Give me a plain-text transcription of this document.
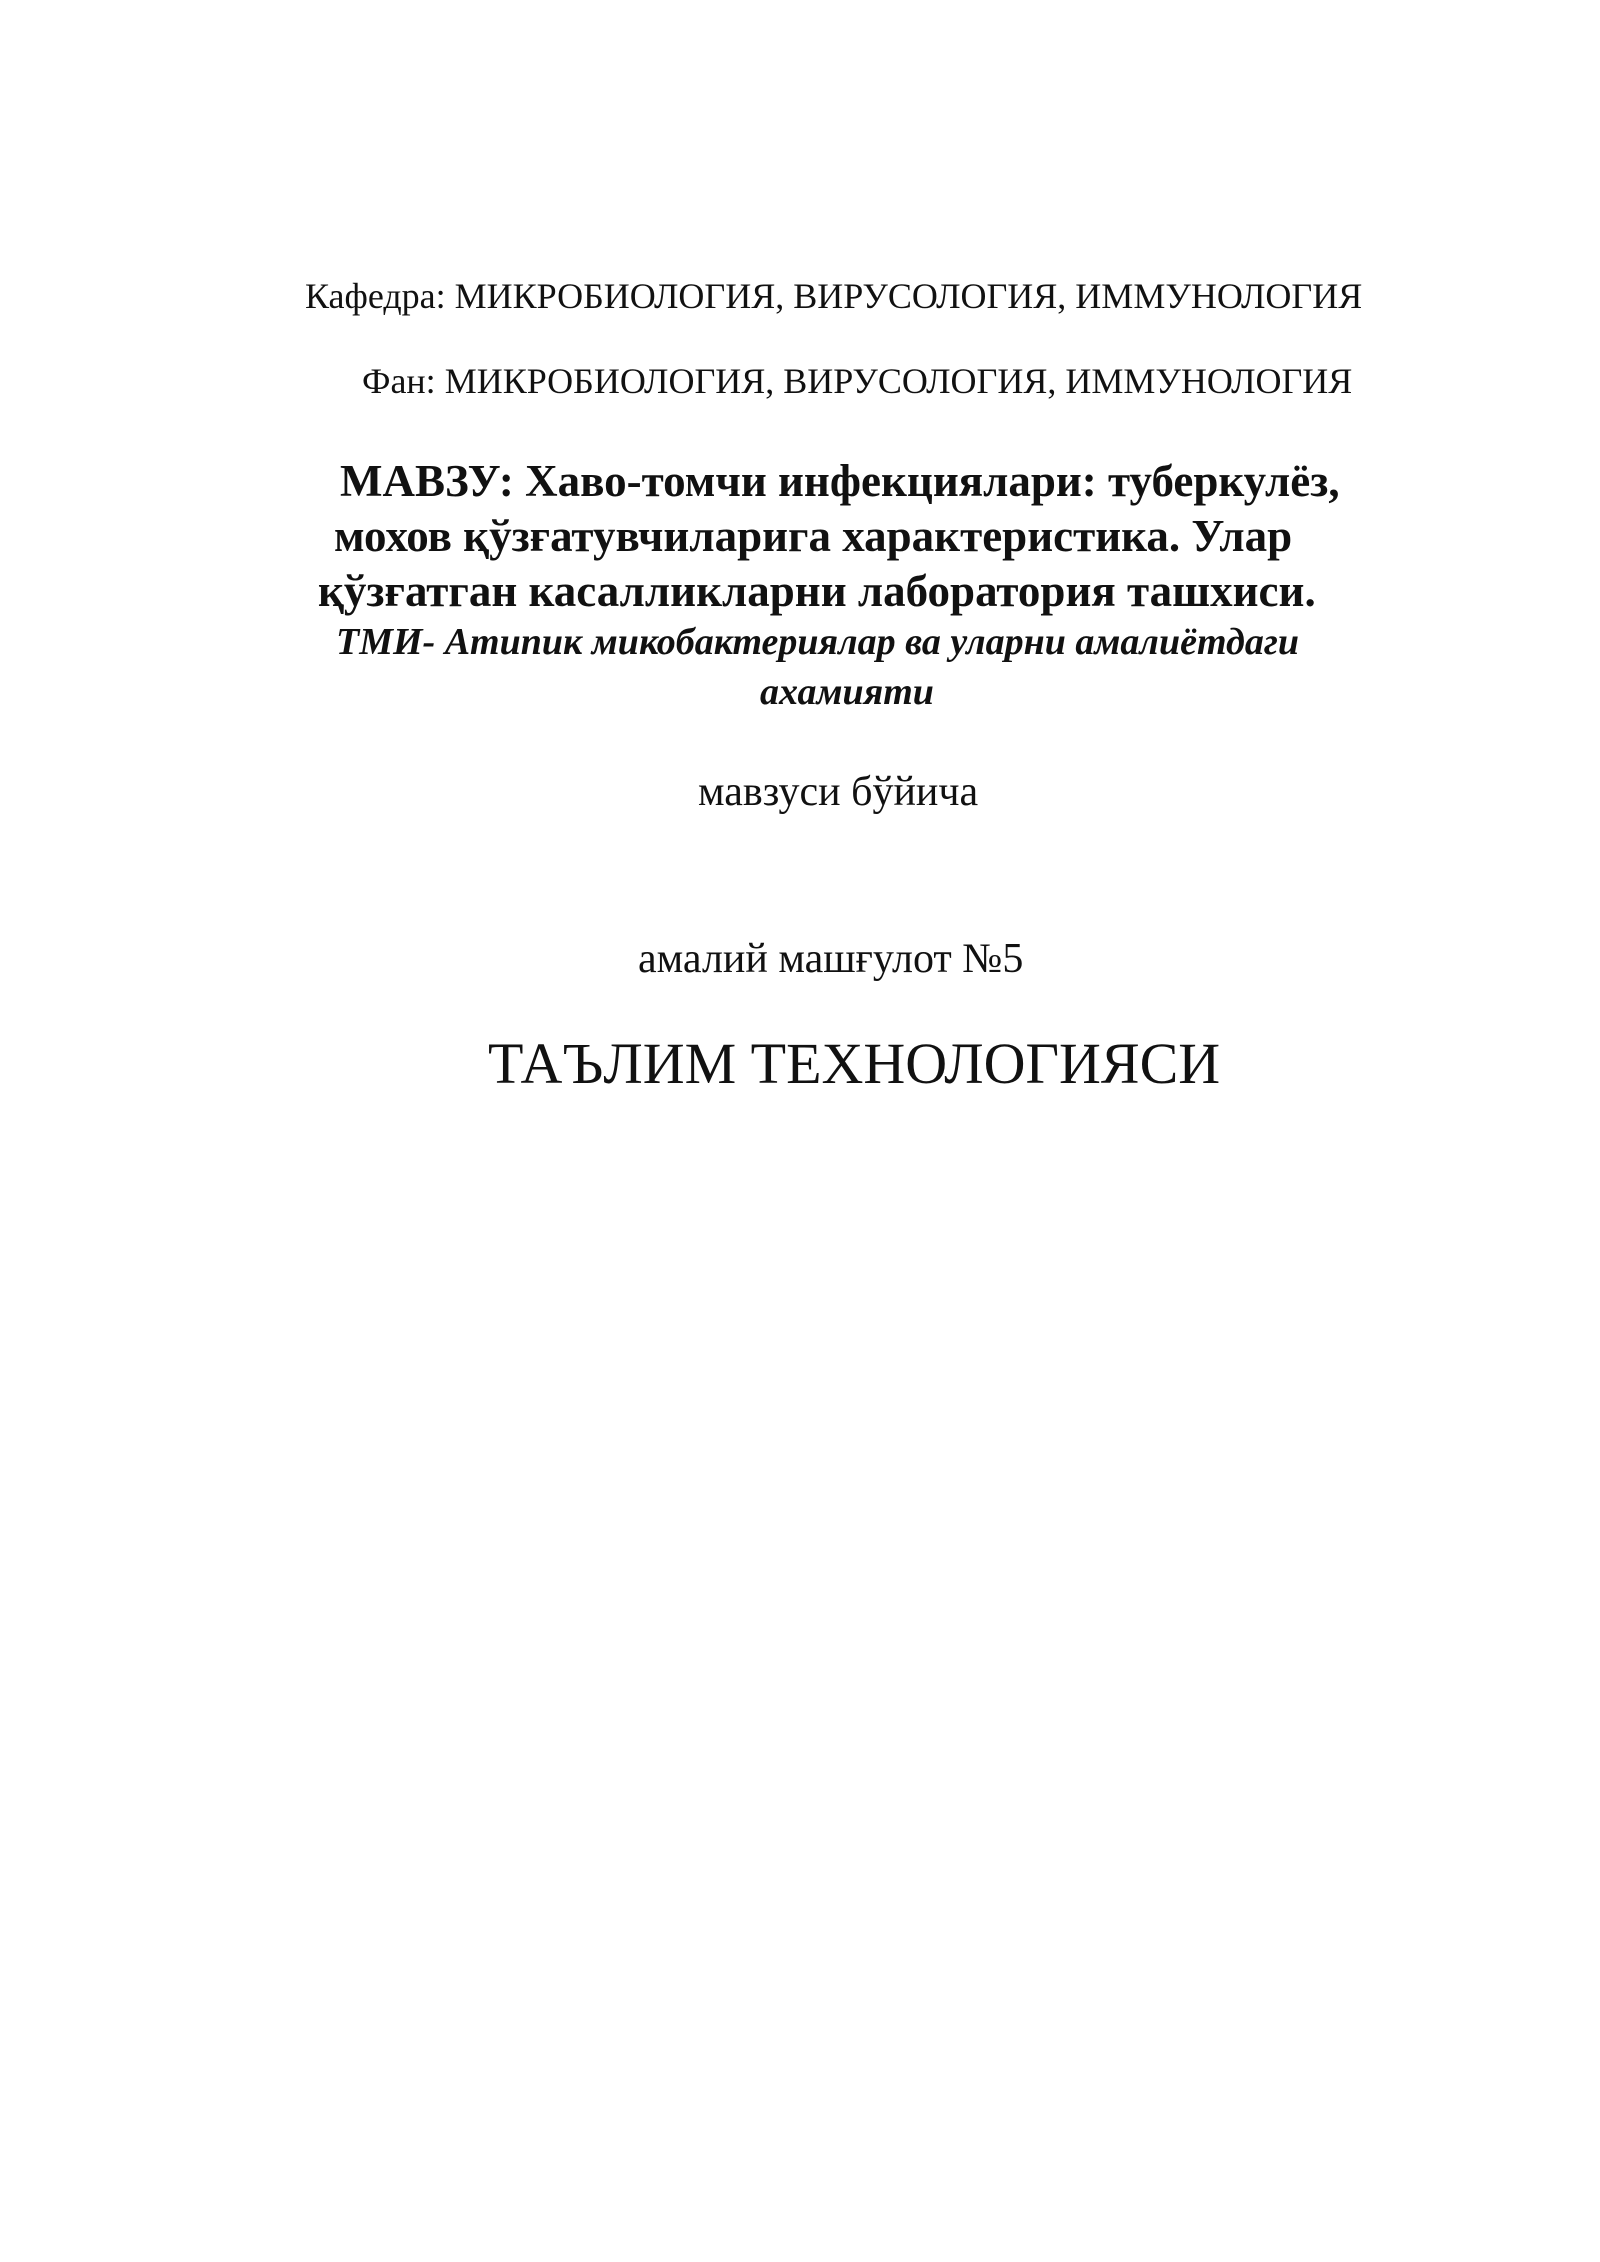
Кафедра: МИКРОБИОЛОГИЯ, ВИРУСОЛОГИЯ, ИММУНОЛОГИЯ
Фан: МИКРОБИОЛОГИЯ, ВИРУСОЛОГИЯ, ИММУНОЛОГИЯ
МАВЗУ: Хаво-томчи инфекциялари: туберкулёз,
мохов қўзғатувчиларига характеристика. Улар
қўзғатган касалликларни лаборатория ташхиси.
ТМИ- Атипик микобактериялар ва уларни амалиётдаги
ахамияти
мавзуси бўйича
амалий машғулот №5
ТАЪЛИМ ТЕХНОЛОГИЯСИ
